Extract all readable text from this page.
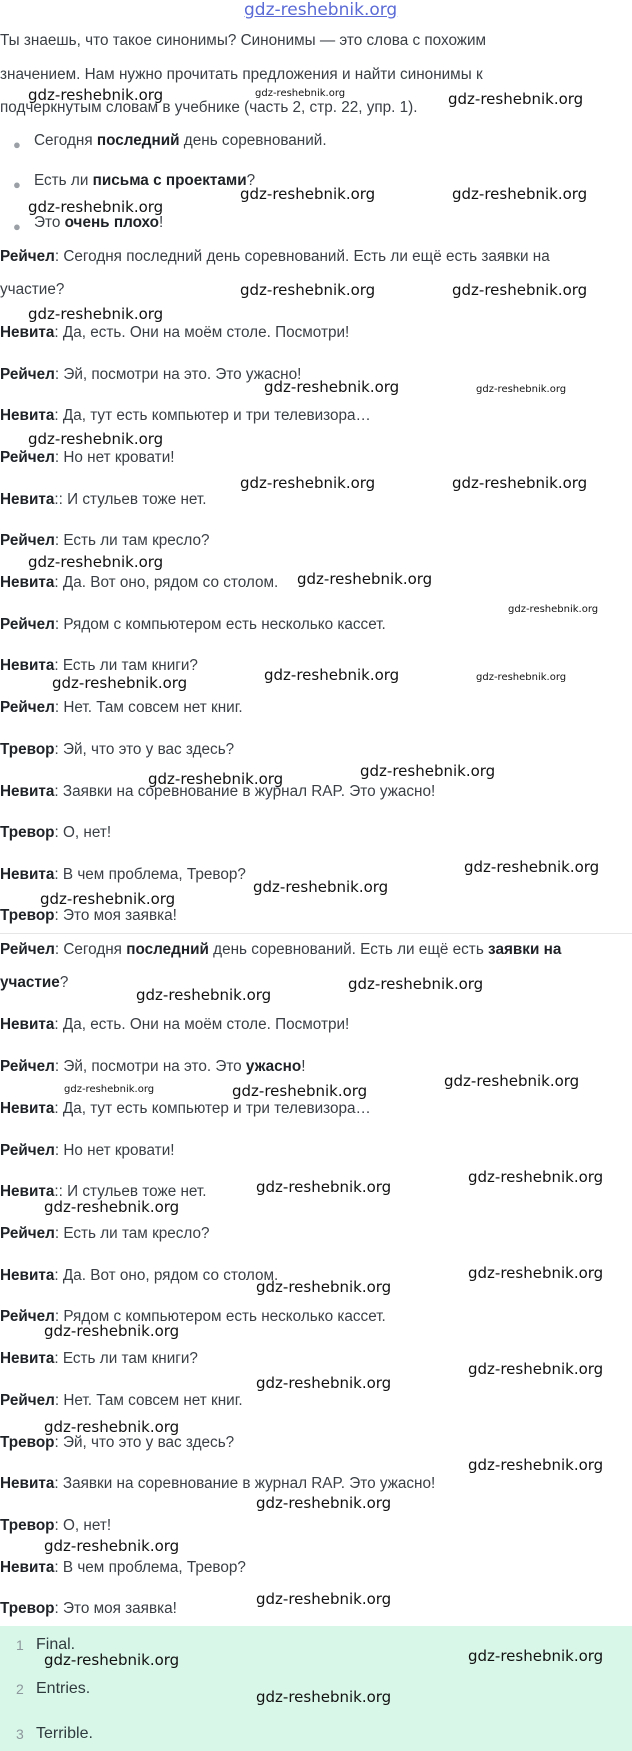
gdz-reshebnik.org
Ты знаешь, что такое синонимы? Синонимы — это слова с похожим
значением. Нам нужно прочитать предложения и найти синонимы к
подчеркнутым словам в учебнике (часть 2, стр. 22, упр. 1).
● Сегодня последний день соревнований.
● Есть ли письма с проектами?
● Это очень плохо!
Рейчел: Сегодня последний день соревнований. Есть ли ещё есть заявки на
участие?
Невита: Да, есть. Они на моём столе. Посмотри!
Рейчел: Эй, посмотри на это. Это ужасно!
Невита: Да, тут есть компьютер и три телевизора…
Рейчел: Но нет кровати!
Невита:: И стульев тоже нет.
Рейчел: Есть ли там кресло?
Невита: Да. Вот оно, рядом со столом.
Рейчел: Рядом с компьютером есть несколько кассет.
Невита: Есть ли там книги?
Рейчел: Нет. Там совсем нет книг.
Тревор: Эй, что это у вас здесь?
Невита: Заявки на соревнование в журнал RAP. Это ужасно!
Тревор: О, нет!
Невита: В чем проблема, Тревор?
Тревор: Это моя заявка!
Рейчел: Сегодня последний день соревнований. Есть ли ещё есть заявки на
участие?
Невита: Да, есть. Они на моём столе. Посмотри!
Рейчел: Эй, посмотри на это. Это ужасно!
Невита: Да, тут есть компьютер и три телевизора…
Рейчел: Но нет кровати!
Невита:: И стульев тоже нет.
Рейчел: Есть ли там кресло?
Невита: Да. Вот оно, рядом со столом.
Рейчел: Рядом с компьютером есть несколько кассет.
Невита: Есть ли там книги?
Рейчел: Нет. Там совсем нет книг.
Тревор: Эй, что это у вас здесь?
Невита: Заявки на соревнование в журнал RAP. Это ужасно!
Тревор: О, нет!
Невита: В чем проблема, Тревор?
Тревор: Это моя заявка!
1 Final.
2 Entries.
3 Terrible.
gdz-reshebnik.org	gdz-reshebnik.org	gdz-reshebnik.org
gdz-reshebnik.org
gdz-reshebnik.org	gdz-reshebnik.org
gdz-reshebnik.org
gdz-reshebnik.org	gdz-reshebnik.org
gdz-reshebnik.org	gdz-reshebnik.org
gdz-reshebnik.org
gdz-reshebnik.org	gdz-reshebnik.org
gdz-reshebnik.org
gdz-reshebnik.org
gdz-reshebnik.org
gdz-reshebnik.org	gdz-reshebnik.org	gdz-reshebnik.org
gdz-reshebnik.org	gdz-reshebnik.org
gdz-reshebnik.org
gdz-reshebnik.org
gdz-reshebnik.org
gdz-reshebnik.org
gdz-reshebnik.org
gdz-reshebnik.org	gdz-reshebnik.org
gdz-reshebnik.org
gdz-reshebnik.org
gdz-reshebnik.org
gdz-reshebnik.org
gdz-reshebnik.org
gdz-reshebnik.org
gdz-reshebnik.org
gdz-reshebnik.org
gdz-reshebnik.org
gdz-reshebnik.org
gdz-reshebnik.org
gdz-reshebnik.org
gdz-reshebnik.org
gdz-reshebnik.org
gdz-reshebnik.org	gdz-reshebnik.org
gdz-reshebnik.org
